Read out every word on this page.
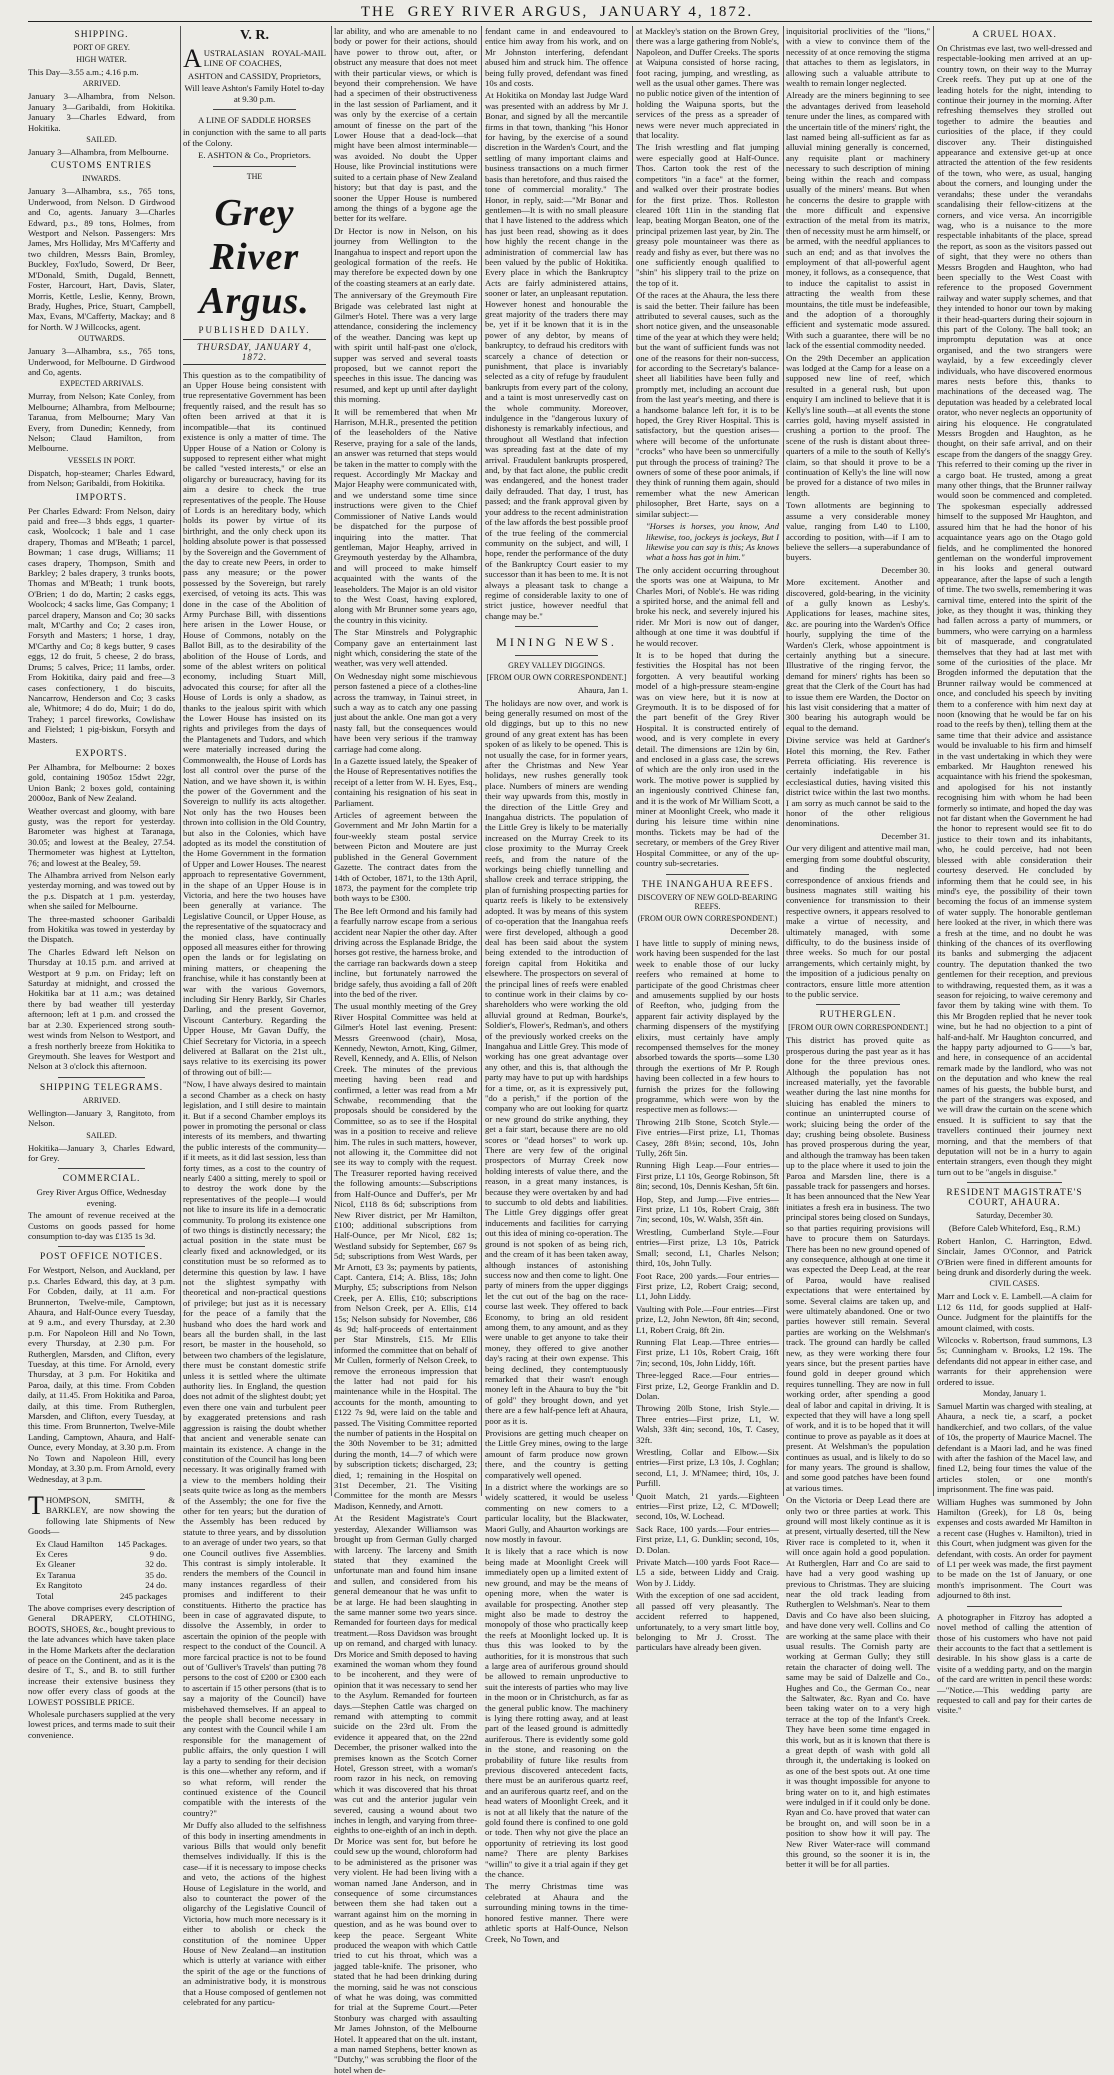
THE GREY RIVER ARGUS, JANUARY 4, 1872.
SHIPPING.
PORT OF GREY.
HIGH WATER.

This Day—3.55 a.m.; 4.16 p.m.

ARRIVED.

January 3—Alhambra, from Nelson. January 3—Garibaldi, from Hokitika. January 3—Charles Edward, from Hokitika.

SAILED.

January 3—Alhambra, from Melbourne.

CUSTOMS ENTRIES
INWARDS.

January 3—Alhambra, s.s., 765 tons, Underwood, from Nelson. D Girdwood and Co, agents. January 3—Charles Edward, p.s., 89 tons, Holmes, from Westport and Nelson. Passengers: Mrs James, Mrs Holliday, Mrs M'Cafferty and two children, Messrs Bain, Bromley, Buckley, Fox'ludo, Sowerd, Dr Beer, M'Donald, Smith, Dugald, Bennett, Foster, Harcourt, Hart, Davis, Slater, Morris, Kettle, Leslie, Kenny, Brown, Brady, Hughes, Price, Stuart, Campbell, Max, Evans, M'Cafferty, Mackay; and 8 for North. W J Willcocks, agent.

OUTWARDS.

January 3—Alhambra, s.s., 765 tons, Underwood, for Melbourne. D Girdwood and Co, agents.

EXPECTED ARRIVALS.

Murray, from Nelson; Kate Conley, from Melbourne; Alhambra, from Melbourne; Taranua, from Melbourne; Mary Van Every, from Dunedin; Kennedy, from Nelson; Claud Hamilton, from Melbourne.

VESSELS IN PORT.

Dispatch, hop-steamer; Charles Edward, from Nelson; Garibaldi, from Hokitika.

IMPORTS.

Per Charles Edward: From Nelson, dairy paid and free—3 bhds eggs, 1 quarter-cask, Woolcock; 1 bale and 1 case drapery, Thomas and M'Beath; 1 parcel, Bowman; 1 case drugs, Williams; 11 cases drapery, Thompson, Smith and Barkley; 2 bales drapery, 3 trunks boots, Thomas and M'Beath; 1 trunk boots, O'Brien; 1 do do, Martin; 2 casks eggs, Woolcock; 4 sacks lime, Gas Company; 1 parcel drapery, Manson and Co; 30 sacks malt, M'Carthy and Co; 2 cases iron, Forsyth and Masters; 1 horse, 1 dray, M'Carthy and Co; 8 kegs butter, 9 cases eggs, 12 do fruit, 5 cheese, 2 do brass, Drums; 5 calves, Price; 11 lambs, order. From Hokitika, dairy paid and free—3 cases confectionery, 1 do biscuits, Nancarrow, Henderson and Co; 3 casks ale, Whitmore; 4 do do, Muir; 1 do do, Trahey; 1 parcel fireworks, Cowlishaw and Fielsted; 1 pig-biskun, Forsyth and Masters.

EXPORTS.

Per Alhambra, for Melbourne: 2 boxes gold, containing 1905oz 15dwt 22gr, Union Bank; 2 boxes gold, containing 2000oz, Bank of New Zealand.

Weather overcast and gloomy, with bare gusty, was the report for yesterday. Barometer was highest at Taranaga, 30.05; and lowest at the Bealey, 27.54. Thermometer was highest at Lyttelton, 76; and lowest at the Bealey, 59.

The Alhambra arrived from Nelson early yesterday morning, and was towed out by the p.s. Dispatch at 1 p.m. yesterday, when she sailed for Melbourne.

The three-masted schooner Garibaldi from Hokitika was towed in yesterday by the Dispatch.

The Charles Edward left Nelson on Thursday at 10.15 p.m. and arrived at Westport at 9 p.m. on Friday; left on Saturday at midnight, and crossed the Hokitika bar at 11 a.m.; was detained there by bad weather till yesterday afternoon; left at 1 p.m. and crossed the bar at 2.30. Experienced strong south-west winds from Nelson to Westport, and a fresh northerly breeze from Hokitika to Greymouth. She leaves for Westport and Nelson at 3 o'clock this afternoon.

SHIPPING TELEGRAMS.
ARRIVED.

Wellington—January 3, Rangitoto, from Nelson.

SAILED.

Hokitika—January 3, Charles Edward, for Grey.

COMMERCIAL.

Grey River Argus Office, Wednesday evening.

The amount of revenue received at the Customs on goods passed for home consumption to-day was £135 1s 3d.

POST OFFICE NOTICES.

For Westport, Nelson, and Auckland, per p.s. Charles Edward, this day, at 3 p.m. For Cobden, daily, at 11 a.m. For Brunnerton, Twelve-mile, Camptown, Ahaura, and Half-Ounce every Tuesday, at 9 a.m., and every Thursday, at 2.30 p.m. For Napoleon Hill and No Town, every Thursday, at 2.30 p.m. For Rutherglen, Marsden, and Clifton, every Tuesday, at this time. For Arnold, every Thursday, at 3 p.m. For Hokitika and Paroa, daily, at this time. From Cobden daily, at 11.45. From Hokitika and Paroa, daily, at this time. From Rutherglen, Marsden, and Clifton, every Tuesday, at this time. From Brunnerton, Twelve-Mile Landing, Camptown, Ahaura, and Half-Ounce, every Monday, at 3.30 p.m. From No Town and Napoleon Hill, every Monday, at 3.30 p.m. From Arnold, every Wednesday, at 3 p.m.

THOMPSON, SMITH, & BARKLEY, are now showing the following late Shipments of New Goods—

Ex Claud Hamilton 145 Packages.
Ex Ceres	9 do.
Ex Gleaner	32 do.
Ex Taranua	35 do.
Ex Rangitoto	24 do.
Total	245 packages

The above comprises every description of General DRAPERY, CLOTHING, BOOTS, SHOES, &c., bought previous to the late advances which have taken place in the Home Markets after the declaration of peace on the Continent, and as it is the desire of T., S., and B. to still further increase their extensive business they now offer every class of goods at the LOWEST POSSIBLE PRICE.

Wholesale purchasers supplied at the very lowest prices, and terms made to suit their convenience.

V. R.

AUSTRALASIAN ROYAL-MAIL LINE OF COACHES,

ASHTON and CASSIDY, Proprietors,

Will leave Ashton's Family Hotel to-day at 9.30 p.m.

A LINE OF SADDLE HORSES

in conjunction with the same to all parts of the Colony.

E. ASHTON & Co., Proprietors.

THE
Grey River Argus.
PUBLISHED DAILY.
THURSDAY, JANUARY 4, 1872.

This question as to the compatibility of an Upper House being consistent with true representative Government has been frequently raised, and the result has so often been arrived at that it is incompatible—that its continued existence is only a matter of time. The Upper House of a Nation or Colony is supposed to represent either what might be called "vested interests," or else an oligarchy or bureaucracy, having for its aim a desire to check the true representatives of the people. The House of Lords is an hereditary body, which holds its power by virtue of its birthright, and the only check upon its holding absolute power is that possessed by the Sovereign and the Government of the day to create new Peers, in order to pass any measure; or the power possessed by the Sovereign, but rarely exercised, of vetoing its acts. This was done in the case of the Abolition of Army Purchase Bill, with dissentions here arisen in the Lower House, or House of Commons, notably on the Ballot Bill, as to the desirability of the abolition of the House of Lords, and some of the ablest writers on political economy, including Stuart Mill, advocated this course; for after all the House of Lords is only a shadow, as thanks to the jealous spirit with which the Lower House has insisted on its rights and privileges from the days of the Plantagenets and Tudors, and which were materially increased during the Commonwealth, the House of Lords has lost all control over the purse of the Nation, and we have shown it, is within the power of the Government and the Sovereign to nullify its acts altogether. Not only has the two Houses been thrown into collision in the Old Country, but also in the Colonies, which have adopted as its model the constitution of the Home Government in the formation of Upper and Lower Houses. The nearest approach to representative Government, in the shape of an Upper House is in Victoria, and here the two houses have been generally at variance. The Legislative Council, or Upper House, as the representative of the squatocracy and the monied class, have continually opposed all measures either for throwing open the lands or for legislating on mining matters, or cheapening the franchise, while it has constantly been at war with the various Governors, including Sir Henry Barkly, Sir Charles Darling, and the present Governor, Viscount Canterbury. Regarding the Upper House, Mr Gavan Duffy, the Chief Secretary for Victoria, in a speech delivered at Ballarat on the 21st ult., says relative to its exercising its power of throwing out of bill:—

"Now, I have always desired to maintain a second Chamber as a check on hasty legislation, and I still desire to maintain it. But if a second Chamber employs its power in promoting the personal or class interests of its members, and thwarting the public interests of the community—if it meets, as it did last session, less than forty times, as a cost to the country of nearly £400 a sitting, merely to spoil or to destroy the work done by the representatives of the people—I would not like to insure its life in a democratic community. To prolong its existence one of two things is distinctly necessary; the actual position in the state must be clearly fixed and acknowledged, or its constitution must be so reformed as to determine this question by law. I have not the slightest sympathy with theoretical and non-practical questions of privilege; but just as it is necessary for the peace of a family that the husband who does the hard work and bears all the burden shall, in the last resort, be master in the household, so between two chambers of the legislature, there must be constant domestic strife unless it is settled where the ultimate authority lies. In England, the question does not admit of the slightest doubt; yet even there one vain and turbulent peer by exaggerated pretensions and rash aggression is raising the doubt whether that ancient and venerable senate can maintain its existence. A change in the constitution of the Council has long been necessary. It was originally framed with a view to the members holding their seats quite twice as long as the members of the Assembly; the one for five the other for ten years; but the duration of the Assembly has been reduced by statute to three years, and by dissolution to an average of under two years, so that one Council outlives five Assemblies. This contrast is simply intolerable. It renders the members of the Council in many instances regardless of their promises and indifferent to their constituents. Hitherto the practice has been in case of aggravated dispute, to dissolve the Assembly, in order to ascertain the opinion of the people with respect to the conduct of the Council. A more farcical practice is not to be found out of 'Gulliver's Travels' than putting 78 persons to the cost of £200 or £300 each to ascertain if 15 other persons (that is to say a majority of the Council) have misbehaved themselves. If an appeal to the people shall become necessary in any contest with the Council while I am responsible for the management of public affairs, the only question I will lay a party to sending for their decision is this one—whether any reform, and if so what reform, will render the continued existence of the Council compatible with the interests of the country?"

Mr Duffy also alluded to the selfishness of this body in inserting amendments in various Bills that would only benefit themselves individually. If this is the case—if it is necessary to impose checks and veto, the actions of the highest House of Legislature in the world, and also to counteract the power of the oligarchy of the Legislative Council of Victoria, how much more necessary is it either to abolish or check the constitution of the nominee Upper House of New Zealand—an institution which is utterly at variance with either the spirit of the age or the functions of an administrative body, it is monstrous that a House composed of gentlemen not celebrated for any particu-

lar ability, and who are amenable to no body or power for their actions, should have power to throw out, after, or obstruct any measure that does not meet with their particular views, or which is beyond their comprehension. We have had a specimen of their obstructiveness in the last session of Parliament, and it was only by the exercise of a certain amount of finesse on the part of the Lower House that a dead-lock—that might have been almost interminable—was avoided. No doubt the Upper House, like Provincial institutions were suited to a certain phase of New Zealand history; but that day is past, and the sooner the Upper House is numbered among the things of a bygone age the better for its welfare.

Dr Hector is now in Nelson, on his journey from Wellington to the Inangahua to inspect and report upon the geological formation of the reefs. He may therefore be expected down by one of the coasting steamers at an early date.

The anniversary of the Greymouth Fire Brigade was celebrated last night at Gilmer's Hotel. There was a very large attendance, considering the inclemency of the weather. Dancing was kept up with spirit until half-past one o'clock, supper was served and several toasts proposed, but we cannot report the speeches in this issue. The dancing was resumed, and kept up until after daylight this morning.

It will be remembered that when Mr Harrison, M.H.R., presented the petition of the leaseholders of the Native Reserve, praying for a sale of the lands, an answer was returned that steps would be taken in the matter to comply with the request. Accordingly Mr Mackay and Major Heaphy were communicated with, and we understand some time since instructions were given to the Chief Commissioner of Native Lands would be dispatched for the purpose of inquiring into the matter. That gentleman, Major Heaphy, arrived in Greymouth yesterday by the Alhambra, and will proceed to make himself acquainted with the wants of the leaseholders. The Major is an old visitor to the West Coast, having explored, along with Mr Brunner some years ago, the country in this vicinity.

The Star Minstrels and Polygraphic Company gave an entertainment last night which, considering the state of the weather, was very well attended.

On Wednesday night some mischievous person fastened a piece of a clothes-line across the tramway, in Tainui street, in such a way as to catch any one passing just about the ankle. One man got a very nasty fall, but the consequences would have been very serious if the tramway carriage had come along.

In a Gazette issued lately, the Speaker of the House of Representatives notifies the receipt of a letter from W. H. Eyes, Esq., containing his resignation of his seat in Parliament.

Articles of agreement between the Government and Mr John Martin for a four-weekly steam postal service between Picton and Moutere are just published in the General Government Gazette. The contract dates from the 14th of October, 1871, to the 13th April, 1873, the payment for the complete trip both ways to be £300.

The Bee left Ormond and his family had a fearfully narrow escape from a serious accident near Napier the other day. After driving across the Esplanade Bridge, the horses got restive, the harness broke, and the carriage ran backwards down a steep incline, but fortunately narrowed the bridge safely, thus avoiding a fall of 20ft into the bed of the river.

The usual monthly meeting of the Grey River Hospital Committee was held at Gilmer's Hotel last evening. Present: Messrs Greenwood (chair), Mosa, Kennedy, Newton, Arnott, King, Gilmer, Revell, Kennedy, and A. Ellis, of Nelson Creek. The minutes of the previous meeting having been read and confirmed, a letter was read from a Mr Schwabe, recommending that the proposals should be considered by the Committee, so as to see if the Hospital was in a position to receive and relieve him. The rules in such matters, however, not allowing it, the Committee did not see its way to comply with the request. The Treasurer reported having received the following amounts:—Subscriptions from Half-Ounce and Duffer's, per Mr Nicol, £118 8s 6d; subscriptions from New River district, per Mr Hamilton, £100; additional subscriptions from Half-Ounce, per Mr Nicol, £82 1s; Westland subsidy for September, £67 9s 5d; subscriptions from West Wards, per Mr Arnott, £3 3s; payments by patients, Capt. Cantera, £14; A. Bliss, 18s; John Murphy, £5; subscriptions from Nelson Creek, per A. Ellis, £10; subscriptions from Nelson Creek, per A. Ellis, £14 15s; Nelson subsidy for November, £86 4s 9d; half-proceeds of entertainment per Star Minstrels, £15. Mr Ellis informed the committee that on behalf of Mr Cullen, formerly of Nelson Creek, to remove the erroneous impression that the latter had not paid for his maintenance while in the Hospital. The accounts for the month, amounting to £122 7s 9d, were laid on the table and passed. The Visiting Committee reported the number of patients in the Hospital on the 30th November to be 31; admitted during the month, 14—7 of which were by subscription tickets; discharged, 23; died, 1; remaining in the Hospital on 31st December, 21. The Visiting Committee for the month are Messrs Madison, Kennedy, and Arnott.

At the Resident Magistrate's Court yesterday, Alexander Williamson was brought up from German Gully charged with larceny. The larceny and Smith stated that they examined the unfortunate man and found him insane and sullen, and considered from his general demeanour that he was unfit to be at large. He had been slaughting in the same manner some two years since. Remanded for fourteen days for medical treatment.—Ross Davidson was brought up on remand, and charged with lunacy. Drs Morice and Smith deposed to having examined the woman whom they found to be incoherent, and they were of opinion that it was necessary to send her to the Asylum. Remanded for fourteen days.—Stephen Cattle was charged on remand with attempting to commit suicide on the 23rd ult. From the evidence it appeared that, on the 22nd December, the prisoner walked into the premises known as the Scotch Corner Hotel, Gresson street, with a woman's room razor in his neck, on removing which it was discovered that his throat was cut and the anterior jugular vein severed, causing a wound about two inches in length, and varying from three-eighths to one-eighth of an inch in depth. Dr Morice was sent for, but before he could sew up the wound, chloroform had to be administered as the prisoner was very violent. He had been living with a woman named Jane Anderson, and in consequence of some circumstances between them she had taken out a warrant against him on the morning in question, and as he was bound over to keep the peace. Sergeant White produced the weapon with which Cattle tried to cut his throat, which was a jagged table-knife. The prisoner, who stated that he had been drinking during the morning, said he was not conscious of what he was doing, was committed for trial at the Supreme Court.—Peter Stonbury was charged with assaulting Mr James Johnston, of the Melbourne Hotel. It appeared that on the ult. instant, a man named Stephens, better known as "Dutchy," was scrubbing the floor of the hotel when de-

fendant came in and endeavoured to entice him away from his work, and on Mr Johnston interfering, defendant abused him and struck him. The offence being fully proved, defendant was fined 10s and costs.

At Hokitika on Monday last Judge Ward was presented with an address by Mr J. Bonar, and signed by all the mercantile firms in that town, thanking "his Honor for having, by the exercise of a sound discretion in the Warden's Court, and the settling of many important claims and business transactions on a much firmer basis than heretofore, and thus raised the tone of commercial morality." The Honor, in reply, said:—"Mr Bonar and gentlemen—It is with no small pleasure that I have listened to the address which has just been read, showing as it does how highly the recent change in the administration of commercial law has been valued by the public of Hokitika. Every place in which the Bankruptcy Acts are fairly administered attains, sooner or later, an unpleasant reputation. However honest and honourable the great majority of the traders there may be, yet if it be known that it is in the power of any debtor, by means of bankruptcy, to defraud his creditors with scarcely a chance of detection or punishment, that place is invariably selected as a city of refuge by fraudulent bankrupts from every part of the colony, and a taint is most unreservedly cast on the whole community. Moreover, indulgence in the "dangerous luxury of dishonesty is remarkably infectious, and throughout all Westland that infection was spreading fast at the date of my arrival. Fraudulent bankrupts prospered, and, by that fact alone, the public credit was endangered, and the honest trader daily defrauded. That day, I trust, has passed; and the frank approval given by your address to the recent administration of the law affords the best possible proof of the true feeling of the commercial community on the subject, and will, I hope, render the performance of the duty of the Bankruptcy Court easier to my successor than it has been to me. It is not always a pleasant task to change a regime of considerable laxity to one of strict justice, however needful that change may be."

MINING NEWS.
GREY VALLEY DIGGINGS.
[FROM OUR OWN CORRESPONDENT.]

Ahaura, Jan 1.

The holidays are now over, and work is being generally resumed on most of the old diggings, but up to this no new ground of any great extent has has been spoken of as likely to be opened. This is not usually the case, for in former years, after the Christmas and New Year holidays, new rushes generally took place. Numbers of miners are wending their way upwards from this, mostly in the direction of the Little Grey and Inangahua districts. The population of the Little Grey is likely to be materially increased on the Murray Creek to its close proximity to the Murray Creek reefs, and from the nature of the workings being chiefly tunnelling and shallow creek and terrace stripping, the plan of furnishing prospecting parties for quartz reefs is likely to be extensively adopted. It was by means of this system of co-operation that the Inangahua reefs were first developed, although a good deal has been said about the system being extended to the introduction of foreign capital from Hokitika and elsewhere. The prospectors on several of the principal lines of reefs were enabled to continue work in their claims by co-shareholders who were working the old alluvial ground at Redman, Bourke's, Soldier's, Flower's, Redman's, and others of the previously worked creeks on the Inangahua and Little Grey. This mode of working has one great advantage over any other, and this is, that although the party may have to put up with hardships for a time, or, as it is expressively put, "do a perish," if the portion of the company who are out looking for quartz or new ground do strike anything, they get a fair start, because there are no old scores or "dead horses" to work up. There are very few of the original prospectors of Murray Creek now holding interests of value there, and the reason, in a great many instances, is because they were overtaken by and had to succumb to old debts and liabilities. The Little Grey diggings offer great inducements and facilities for carrying out this idea of mining co-operation. The ground is not spoken of as being rich, and the cream of it has been taken away, although instances of astonishing success now and then come to light. One party of miners from the upper diggings let the cut out of the bag on the race-course last week. They offered to back Economy, to bring an old resident among them, to any amount, and as they were unable to get anyone to take their money, they offered to give another day's racing at their own expense. This being declined, they contemptuously remarked that their wasn't enough money left in the Ahaura to buy the "bit of gold" they brought down, and yet there are a few half-pence left at Ahaura, poor as it is.

Provisions are getting much cheaper on the Little Grey mines, owing to the large amount of farm produce now grown there, and the country is getting comparatively well opened.

In a district where the workings are so widely scattered, it would be useless commenting on new comers to a particular locality, but the Blackwater, Maori Gully, and Ahaurton workings are now mostly in favour.

It is likely that a race which is now being made at Moonlight Creek will immediately open up a limited extent of new ground, and may be the means of opening more, when the water is available for prospecting. Another step might also be made to destroy the monopoly of those who practically keep the reefs at Moonlight locked up. It is thus this was looked to by the authorities, for it is monstrous that such a large area of auriferous ground should be allowed to remain unproductive to suit the interests of parties who may live in the moon or in Christchurch, as far as the general public know. The machinery is lying there rotting away, and at least part of the leased ground is admittedly auriferous. There is evidently some gold in the stone, and reasoning on the probability of future like results from previous discovered antecedent facts, there must be an auriferous quartz reef, and an auriferous quartz reef, and on the head waters of Moonlight Creek, and it is not at all likely that the nature of the gold found there is confined to one gold or tode. Then why not give the place an opportunity of retrieving its lost good name? There are plenty Barkises "willin" to give it a trial again if they get the chance.

The merry Christmas time was celebrated at Ahaura and the surrounding mining towns in the time-honored festive manner. There were athletic sports at Half-Ounce, Nelson Creek, No Town, and

at Mackley's station on the Brown Grey, there was a large gathering from Noble's, Napoleon, and Duffer Creeks. The sports at Waipuna consisted of horse racing, foot racing, jumping, and wrestling, as well as the usual other games. There was no public notice given of the intention of holding the Waipuna sports, but the services of the press as a spreader of news were never much appreciated in that locality.

The Irish wrestling and flat jumping were especially good at Half-Ounce. Thos. Carton took the rest of the competitors "in a face" at the former, and walked over their prostrate bodies for the first prize. Thos. Rolleston cleared 10ft 11in in the standing flat leap, beating Morgan Beaton, one of the principal prizemen last year, by 2in. The greasy pole mountaineer was there as ready and fishy as ever, but there was no one sufficiently enough qualified to "shin" his slippery trail to the prize on the top of it.

Of the races at the Ahaura, the less there is said the better. Their failure has been attributed to several causes, such as the short notice given, and the unseasonable time of the year at which they were held; but the want of sufficient funds was not one of the reasons for their non-success, for according to the Secretary's balance-sheet all liabilities have been fully and promptly met, including an account due from the last year's meeting, and there is a handsome balance left for, it is to be hoped, the Grey River Hospital. This is satisfactory, but the question arises—where will become of the unfortunate "crocks" who have been so unmercifully put through the process of training? The owners of some of these poor animals, if they think of running them again, should remember what the new American philosopher, Bret Harte, says on a similar subject:—

"Horses is horses, you know, And likewise, too, jockeys is jockeys, But I likewise you can say is this; As knows what a hoss has got in him."

The only accident occurring throughout the sports was one at Waipuna, to Mr Charles Mori, of Noble's. He was riding a spirited horse, and the animal fell and broke his neck, and severely injured his rider. Mr Mori is now out of danger, although at one time it was doubtful if he would recover.

It is to be hoped that during the festivities the Hospital has not been forgotten. A very beautiful working model of a high-pressure steam-engine was on view here, but it is now at Greymouth. It is to be disposed of for the part benefit of the Grey River Hospital. It is constructed entirely of wood, and is very complete in every detail. The dimensions are 12in by 6in, and enclosed in a glass case, the screws of which are the only iron used in the work. The motive power is supplied by an ingeniously contrived Chinese fan, and it is the work of Mr William Scott, a miner at Moonlight Creek, who made it during his leisure time within nine months. Tickets may be had of the secretary, or members of the Grey River Hospital Committee, or any of the up-country sub-secretaries.

THE INANGAHUA REEFS.
DISCOVERY OF NEW GOLD-BEARING REEFS.
(FROM OUR OWN CORRESPONDENT.)

December 28.

I have little to supply of mining news, work having been suspended for the last week to enable those of our lucky reefers who remained at home to participate of the good Christmas cheer and amusements supplied by our hosts of Reefton, who, judging from the apparent fair activity displayed by the charming dispensers of the mystifying elixirs, must certainly have amply recompensed themselves for the money absorbed towards the sports—some L30 through the exertions of Mr P. Rough having been collected in a few hours to furnish the prizes for the following programme, which were won by the respective men as follows:—

Throwing 21lb Stone, Scotch Style.—Five entries—First prize, L1, Thomas Casey, 28ft 8½in; second, 10s, John Tully, 26ft 5in.

Running High Leap.—Four entries—First prize, L1 10s, George Robinson, 5ft 8in; second, 10s, Dennis Keshan, 5ft 6in.

Hop, Step, and Jump.—Five entries—First prize, L1 10s, Robert Craig, 38ft 7in; second, 10s, W. Walsh, 35ft 4in.

Wrestling, Cumberland Style.—Four entries—First prize, L3 10s, Patrick Small; second, L1, Charles Nelson; third, 10s, John Tully.

Foot Race, 200 yards.—Four entries—First prize, L2, Robert Craig; second, L1, John Liddy.

Vaulting with Pole.—Four entries—First prize, L2, John Newton, 8ft 4in; second, L1, Robert Craig, 8ft 2in.

Running Flat Leap.—Three entries—First prize, L1 10s, Robert Craig, 16ft 7in; second, 10s, John Liddy, 16ft.

Three-legged Race.—Four entries—First prize, L2, George Franklin and D. Dolan.

Throwing 20lb Stone, Irish Style.—Three entries—First prize, L1, W. Walsh, 33ft 4in; second, 10s, T. Casey, 32ft.

Wrestling, Collar and Elbow.—Six entries—First prize, L3 10s, J. Coghlan; second, L1, J. M'Namee; third, 10s, J. Purfill.

Quoit Match, 21 yards.—Eighteen entries—First prize, L2, C. M'Dowell; second, 10s, W. Lochead.

Sack Race, 100 yards.—Four entries—First prize, L1, G. Dunklin; second, 10s, D. Dolan.

Private Match—100 yards Foot Race—L5 a side, between Liddy and Craig. Won by J. Liddy.

With the exception of one sad accident, all passed off very pleasantly. The accident referred to happened, unfortunately, to a very smart little boy, belonging to Mr J. Crosst. The particulars have already been given.

inquisitorial proclivities of the "lions," with a view to convince them of the necessity of at once removing the stigma that attaches to them as legislators, in allowing such a valuable attribute to wealth to remain longer neglected.

Already are the miners beginning to see the advantages derived from leasehold tenure under the lines, as compared with the uncertain title of the miners' right, the last named being all-sufficient as far as alluvial mining generally is concerned, any requisite plant or machinery necessary to such description of mining being within the reach and compass usually of the miners' means. But when he concerns the desire to grapple with the more difficult and expensive extraction of the metal from its matrix, then of necessity must he arm himself, or be armed, with the needful appliances to such an end; and as that involves the employment of that all-powerful agent money, it follows, as a consequence, that to induce the capitalist to assist in attracting the wealth from these mountains, the title must be indefeasible, and the adoption of a thoroughly efficient and systematic mode assured. With such a guarantee, there will be no lack of the essential commodity needed.

On the 29th December an application was lodged at the Camp for a lease on a supposed new line of reef, which resulted in a general rush, but upon enquiry I am inclined to believe that it is Kelly's line south—at all events the stone carries gold, having myself assisted in crushing a portion to the proof. The scene of the rush is distant about three-quarters of a mile to the south of Kelly's claim, so that should it prove to be a continuation of Kelly's the line will now be proved for a distance of two miles in length.

Town allotments are beginning to assume a very considerable money value, ranging from L40 to L100, according to position, with—if I am to believe the sellers—a superabundance of buyers.

December 30.

More excitement. Another and discovered, gold-bearing, in the vicinity of a gully known as Lesby's. Applications for leases, machine sites, &c. are pouring into the Warden's Office hourly, supplying the time of the Warden's Clerk, whose appointment is certainly anything but a sinecure. Illustrative of the ringing fervor, the demand for miners' rights has been so great that the Clerk of the Court has had to issue them ere Warden, the Doctor on his last visit considering that a matter of 300 bearing his autograph would be equal to the demand.

Divine service was held at Gardner's Hotel this morning, the Rev. Father Perreta officiating. His reverence is certainly indefatigable in his ecclesiastical duties, having visited this district twice within the last two months. I am sorry as much cannot be said to the honor of the other religious denominations.

December 31.

Our very diligent and attentive mail man, emerging from some doubtful obscurity, and finding the neglected correspondence of anxious friends and business magnates still waiting his convenience for transmission to their respective owners, it appears resolved to make a virtue of necessity, and ultimately managed, with some difficulty, to do the business inside of three weeks. So much for our postal arrangements, which certainly might, by the imposition of a judicious penalty on contractors, ensure little more attention to the public service.

RUTHERGLEN.
[FROM OUR OWN CORRESPONDENT.]

This district has proved quite as prosperous during the past year as it has done for the three previous ones. Although the population has not increased materially, yet the favorable weather during the last nine months for sluicing has enabled the miners to continue an uninterrupted course of work; sluicing being the order of the day; crushing being obsolete. Business has proved prosperous during the year, and although the tramway has been taken up to the place where it used to join the Paroa and Marsden line, there is a passable track for passengers and horses. It has been announced that the New Year initiates a fresh era in business. The two principal stores being closed on Sundays, so that parties requiring provisions will have to procure them on Saturdays. There has been no new ground opened of any consequence, although at one time it was expected the Deep Lead, at the rear of Paroa, would have realised expectations that were entertained by some. Several claims are taken up, and were ultimately abandoned. One or two parties however still remain. Several parties are working on the Welshman's track. The ground can hardly be called new, as they were working there four years since, but the present parties have found gold in deeper ground which requires tunnelling. They are now in full working order, after spending a good deal of labor and capital in driving. It is expected that they will have a long spell of work, and it is to be hoped that it will continue to prove as payable as it does at present. At Welshman's the population continues as usual, and is likely to do so for many years. The ground is shallow, and some good patches have been found at various times.

On the Victoria or Deep Lead there are only two or three parties at work. This ground will most likely continue as it is at present, virtually deserted, till the New River race is completed to it, when it will once again hold a good population. At Rutherglen, Harr and Co are said to have had a very good washing up previous to Christmas. They are sluicing near the old track leading from Rutherglen to Welshman's. Near to them Davis and Co have also been sluicing, and have done very well. Collins and Co are working at the same place with their usual results. The Cornish party are working at German Gully; they still retain the character of doing well. The same may be said of Dalzelle and Co., Hughes and Co., the German Co., near the Saltwater, &c. Ryan and Co. have been taking water on to a very high terrace at the top of the Infant's Creek. They have been some time engaged in this work, but as it is known that there is a great depth of wash with gold all through it, the undertaking is looked on as one of the best spots out. At one time it was thought impossible for anyone to bring water on to it, and high estimates were indulged in if it could only be done. Ryan and Co. have proved that water can be brought on, and will soon be in a position to show how it will pay. The New River Water-race will command this ground, so the sooner it is in, the better it will be for all parties.

A CRUEL HOAX.

On Christmas eve last, two well-dressed and respectable-looking men arrived at an up-country town, on their way to the Murray Creek reefs. They put up at one of the leading hotels for the night, intending to continue their journey in the morning. After refreshing themselves they strolled out together to admire the beauties and curiosities of the place, if they could discover any. Their distinguished appearance and extensive get-up at once attracted the attention of the few residents of the town, who were, as usual, hanging about the corners, and lounging under the verandahs; these under the verandahs scandalising their fellow-citizens at the corners, and vice versa. An incorrigible wag, who is a nuisance to the more respectable inhabitants of the place, spread the report, as soon as the visitors passed out of sight, that they were no others than Messrs Brogden and Haughton, who had been specially to the West Coast with reference to the proposed Government railway and water supply schemes, and that they intended to honor our town by making it their head-quarters during their sojourn in this part of the Colony. The ball took; an impromptu deputation was at once organised, and the two strangers were waylaid, by a few exceedingly clever individuals, who have discovered enormous mares nests before this, thanks to machinations of the deceased wag. The deputation was headed by a celebrated local orator, who never neglects an opportunity of airing his eloquence. He congratulated Messrs Brogden and Haughton, as he thought, on their safe arrival, and on their escape from the dangers of the snaggy Grey. This referred to their coming up the river in a cargo boat. He trusted, among a great many other things, that the Brunner railway would soon be commenced and completed. The spokesman especially addressed himself to the supposed Mr Haughton, and assured him that he had the honor of his acquaintance years ago on the Otago gold fields, and he complimented the honored gentleman on the wonderful improvement in his looks and general outward appearance, after the lapse of such a length of time. The two swells, remembering it was carnival time, entered into the spirit of the joke, as they thought it was, thinking they had fallen across a party of mummers, or bummers, who were carrying on a harmless bit of masquerade, and congratulated themselves that they had at last met with some of the curiosities of the place. Mr Brogden informed the deputation that the Brunner railway would be commenced at once, and concluded his speech by inviting them to a conference with him next day at noon (knowing that he would be far on his road to the reefs by then), telling them at the same time that their advice and assistance would be invaluable to his firm and himself in the vast undertaking in which they were embarked. Mr Haughton renewed his acquaintance with his friend the spokesman, and apologised for his not instantly recognising him with whom he had been formerly so intimate, and hoped the day was not far distant when the Government he had the honor to represent would see fit to do justice to their town and its inhabitants, who, he could perceive, had not been blessed with able consideration their courtesy deserved. He concluded by informing them that he could see, in his mind's eye, the possibility of their town becoming the focus of an immense system of water supply. The honorable gentleman here looked at the river, in which there was a fresh at the time, and no doubt he was thinking of the chances of its overflowing its banks and submerging the adjacent country. The deputation thanked the two gentlemen for their reception, and previous to withdrawing, requested them, as it was a season for rejoicing, to waive ceremony and favor them by taking wine with them. To this Mr Brogden replied that he never took wine, but he had no objection to a pint of half-and-half. Mr Haughton concurred, and the happy party adjourned to G——'s bar, and here, in consequence of an accidental remark made by the landlord, who was not on the deputation and who knew the real names of his guests, the bubble burst, and the part of the strangers was exposed, and we will draw the curtain on the scene which ensued. It is sufficient to say that the travellers continued their journey next morning, and that the members of that deputation will not be in a hurry to again entertain strangers, even though they might turn out to be "angels in disguise."

RESIDENT MAGISTRATE'S COURT, AHAURA.
Saturday, December 30.

(Before Caleb Whiteford, Esq., R.M.)

Robert Hanlon, C. Harrington, Edwd. Sinclair, James O'Connor, and Patrick O'Brien were fined in different amounts for being drunk and disorderly during the week.

CIVIL CASES.

Marr and Lock v. E. Lambell.—A claim for L12 6s 11d, for goods supplied at Half-Ounce. Judgment for the plaintiffs for the amount claimed, with costs.

Wilcocks v. Robertson, fraud summons, L3 5s; Cunningham v. Brooks, L2 19s. The defendants did not appear in either case, and warrants for their apprehension were ordered to issue.

Monday, January 1.

Samuel Martin was charged with stealing, at Ahaura, a neck tie, a scarf, a pocket handkerchief, and two collars, of the value of 10s, the property of Maurice Macnel. The defendant is a Maori lad, and he was fined with after the fashion of the Macel law, and fined L2, being four times the value of the articles stolen, or one month's imprisonment. The fine was paid.

William Hughes was summoned by John Hamilton (Greek), for L8 0s, being expenses and costs awarded Mr Hamilton in a recent case (Hughes v. Hamilton), tried in this Court, when judgment was given for the defendant, with costs. An order for payment of L1 per week was made, the first payment to be made on the 1st of January, or one month's imprisonment. The Court was adjourned to 8th inst.

A photographer in Fitzroy has adopted a novel method of calling the attention of those of his customers who have not paid their accounts to the fact that a settlement is desirable. In his show glass is a carte de visite of a wedding party, and on the margin of the card are written in pencil these words:—"Notice.—This wedding party are requested to call and pay for their cartes de visite."
